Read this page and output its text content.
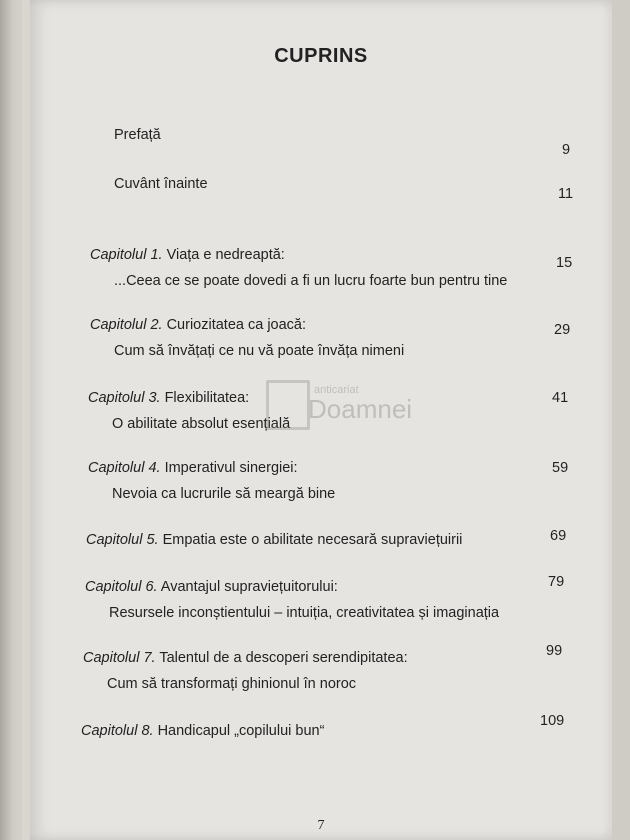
CUPRINS
Prefață
9
Cuvânt înainte
11
Capitolul 1. Viața e nedreaptă:
...Ceea ce se poate dovedi a fi un lucru foarte bun pentru tine
15
Capitolul 2. Curiozitatea ca joacă:
Cum să învățați ce nu vă poate învăța nimeni
29
Capitolul 3. Flexibilitatea:
O abilitate absolut esențială
41
Capitolul 4. Imperativul sinergiei:
Nevoia ca lucrurile să meargă bine
59
Capitolul 5. Empatia este o abilitate necesară supraviețuirii	69
Capitolul 6. Avantajul supraviețuitorului:
Resursele inconștientului – intuiția, creativitatea și imaginația
79
Capitolul 7. Talentul de a descoperi serendipitatea:
Cum să transformați ghinionul în noroc
99
Capitolul 8. Handicapul „copilului bun“
109
anticariat
Doamnei
7
